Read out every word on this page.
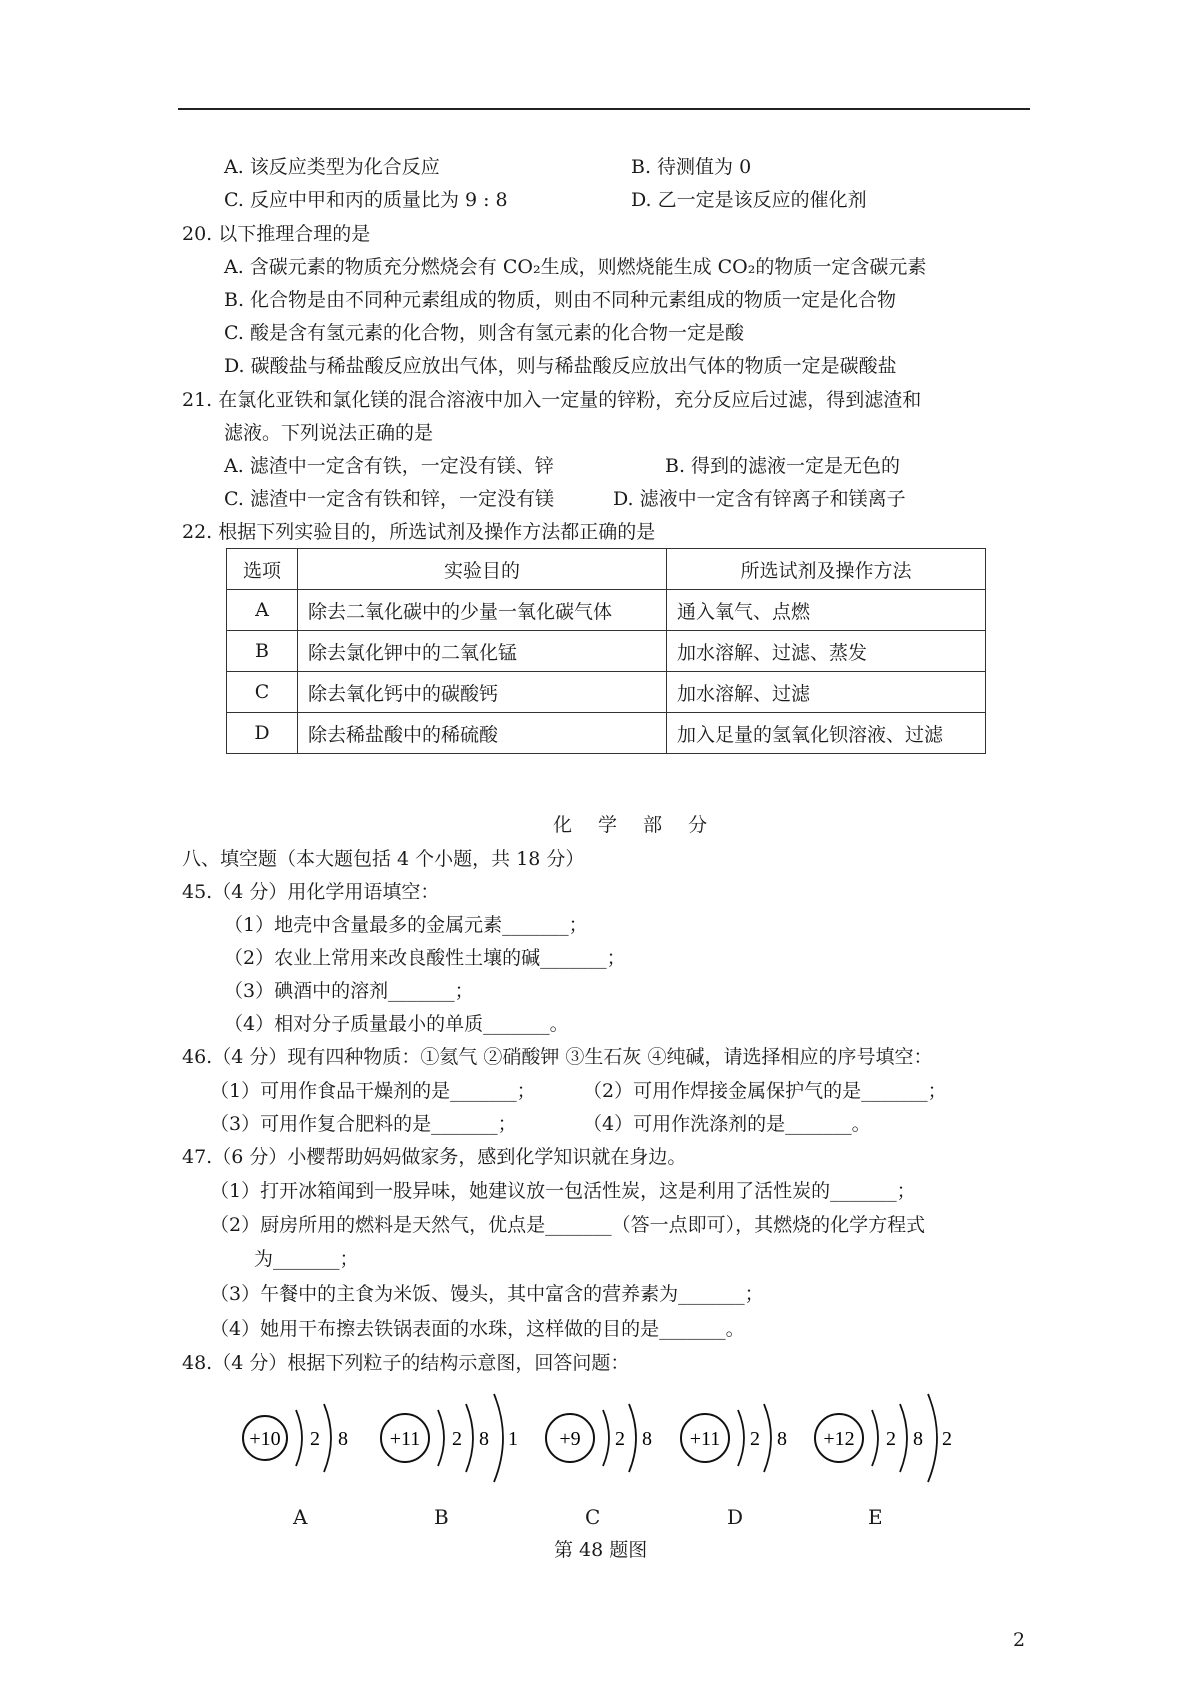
A. 该反应类型为化合反应	B. 待测值为 0
C. 反应中甲和丙的质量比为 9 : 8	D. 乙一定是该反应的催化剂
20. 以下推理合理的是
A. 含碳元素的物质充分燃烧会有 CO₂生成，则燃烧能生成 CO₂的物质一定含碳元素
B. 化合物是由不同种元素组成的物质，则由不同种元素组成的物质一定是化合物
C. 酸是含有氢元素的化合物，则含有氢元素的化合物一定是酸
D. 碳酸盐与稀盐酸反应放出气体，则与稀盐酸反应放出气体的物质一定是碳酸盐
21. 在氯化亚铁和氯化镁的混合溶液中加入一定量的锌粉，充分反应后过滤，得到滤渣和
滤液。下列说法正确的是
A. 滤渣中一定含有铁，一定没有镁、锌	B. 得到的滤液一定是无色的
C. 滤渣中一定含有铁和锌，一定没有镁	D. 滤液中一定含有锌离子和镁离子
22. 根据下列实验目的，所选试剂及操作方法都正确的是
选项	实验目的	所选试剂及操作方法
A	除去二氧化碳中的少量一氧化碳气体	通入氧气、点燃
B	除去氯化钾中的二氧化锰	加水溶解、过滤、蒸发
C	除去氧化钙中的碳酸钙	加水溶解、过滤
D	除去稀盐酸中的稀硫酸	加入足量的氢氧化钡溶液、过滤
化 学 部 分
八、填空题（本大题包括 4 个小题，共 18 分）
45.（4 分）用化学用语填空：
（1）地壳中含量最多的金属元素_______；
（2）农业上常用来改良酸性土壤的碱_______；
（3）碘酒中的溶剂_______；
（4）相对分子质量最小的单质_______。
46.（4 分）现有四种物质：①氦气 ②硝酸钾 ③生石灰 ④纯碱，请选择相应的序号填空：
（1）可用作食品干燥剂的是_______； （2）可用作焊接金属保护气的是_______；
（3）可用作复合肥料的是_______；	（4）可用作洗涤剂的是_______。
47.（6 分）小樱帮助妈妈做家务，感到化学知识就在身边。
（1）打开冰箱闻到一股异味，她建议放一包活性炭，这是利用了活性炭的_______；
（2）厨房所用的燃料是天然气，优点是_______（答一点即可），其燃烧的化学方程式
为_______；
（3）午餐中的主食为米饭、馒头，其中富含的营养素为_______；
（4）她用干布擦去铁锅表面的水珠，这样做的目的是_______。
48.（4 分）根据下列粒子的结构示意图，回答问题：
+10 2 8
A
+11 2 8 1
B
+9 2 8
C
+11 2 8
D
+12 2 8 2
E
第 48 题图
2
